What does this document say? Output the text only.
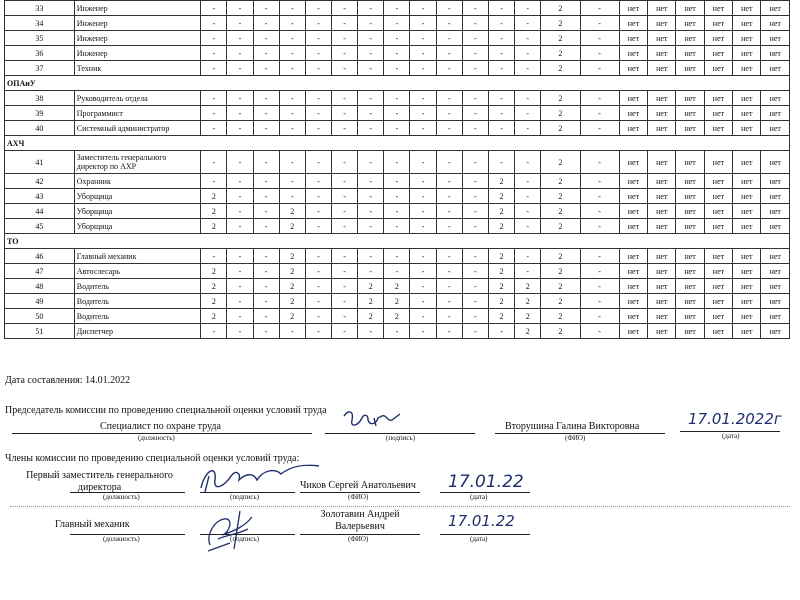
33	Инженер	-	-	-	-	-	-	-	-	-	-	-	-	-	2	-	нет	нет	нет	нет	нет	нет
34	Инженер	-	-	-	-	-	-	-	-	-	-	-	-	-	2	-	нет	нет	нет	нет	нет	нет
35	Инженер	-	-	-	-	-	-	-	-	-	-	-	-	-	2	-	нет	нет	нет	нет	нет	нет
36	Инженер	-	-	-	-	-	-	-	-	-	-	-	-	-	2	-	нет	нет	нет	нет	нет	нет
37	Техник	-	-	-	-	-	-	-	-	-	-	-	-	-	2	-	нет	нет	нет	нет	нет	нет
ОПАиУ																						
38	Руководитель отдела	-	-	-	-	-	-	-	-	-	-	-	-	-	2	-	нет	нет	нет	нет	нет	нет
39	Программист	-	-	-	-	-	-	-	-	-	-	-	-	-	2	-	нет	нет	нет	нет	нет	нет
40	Системный администратор	-	-	-	-	-	-	-	-	-	-	-	-	-	2	-	нет	нет	нет	нет	нет	нет
АХЧ																						
41	Заместитель генерального директор по АХР	-	-	-	-	-	-	-	-	-	-	-	-	-	2	-	нет	нет	нет	нет	нет	нет
42	Охранник	-	-	-	-	-	-	-	-	-	-	-	2	-	2	-	нет	нет	нет	нет	нет	нет
43	Уборщица	2	-	-	-	-	-	-	-	-	-	-	2	-	2	-	нет	нет	нет	нет	нет	нет
44	Уборщица	2	-	-	2	-	-	-	-	-	-	-	2	-	2	-	нет	нет	нет	нет	нет	нет
45	Уборщица	2	-	-	2	-	-	-	-	-	-	-	2	-	2	-	нет	нет	нет	нет	нет	нет
ТО																						
46	Главный механик	-	-	-	2	-	-	-	-	-	-	-	2	-	2	-	нет	нет	нет	нет	нет	нет
47	Автослесарь	2	-	-	2	-	-	-	-	-	-	-	2	-	2	-	нет	нет	нет	нет	нет	нет
48	Водитель	2	-	-	2	-	-	2	2	-	-	-	2	2	2	-	нет	нет	нет	нет	нет	нет
49	Водитель	2	-	-	2	-	-	2	2	-	-	-	2	2	2	-	нет	нет	нет	нет	нет	нет
50	Водитель	2	-	-	2	-	-	2	2	-	-	-	2	2	2	-	нет	нет	нет	нет	нет	нет
51	Диспетчер	-	-	-	-	-	-	-	-	-	-	-	-	2	2	-	нет	нет	нет	нет	нет	нет
Дата составления: 14.01.2022
Председатель комиссии по проведению специальной оценки условий труда
Специалист по охране труда
(должность)	(подпись)
Вторушина Галина Викторовна
(ФИО)
17.01.2022г
(дата)
Члены комиссии по проведению специальной оценки условий труда:
Первый заместитель генерального директора
(должность)	(подпись)
Чиков Сергей Анатольевич
(ФИО)
17.01.22
(дата)
Главный механик
(должность)	(подпись)
Золотавин Андрей Валерьевич
(ФИО)
17.01.22
(дата)
